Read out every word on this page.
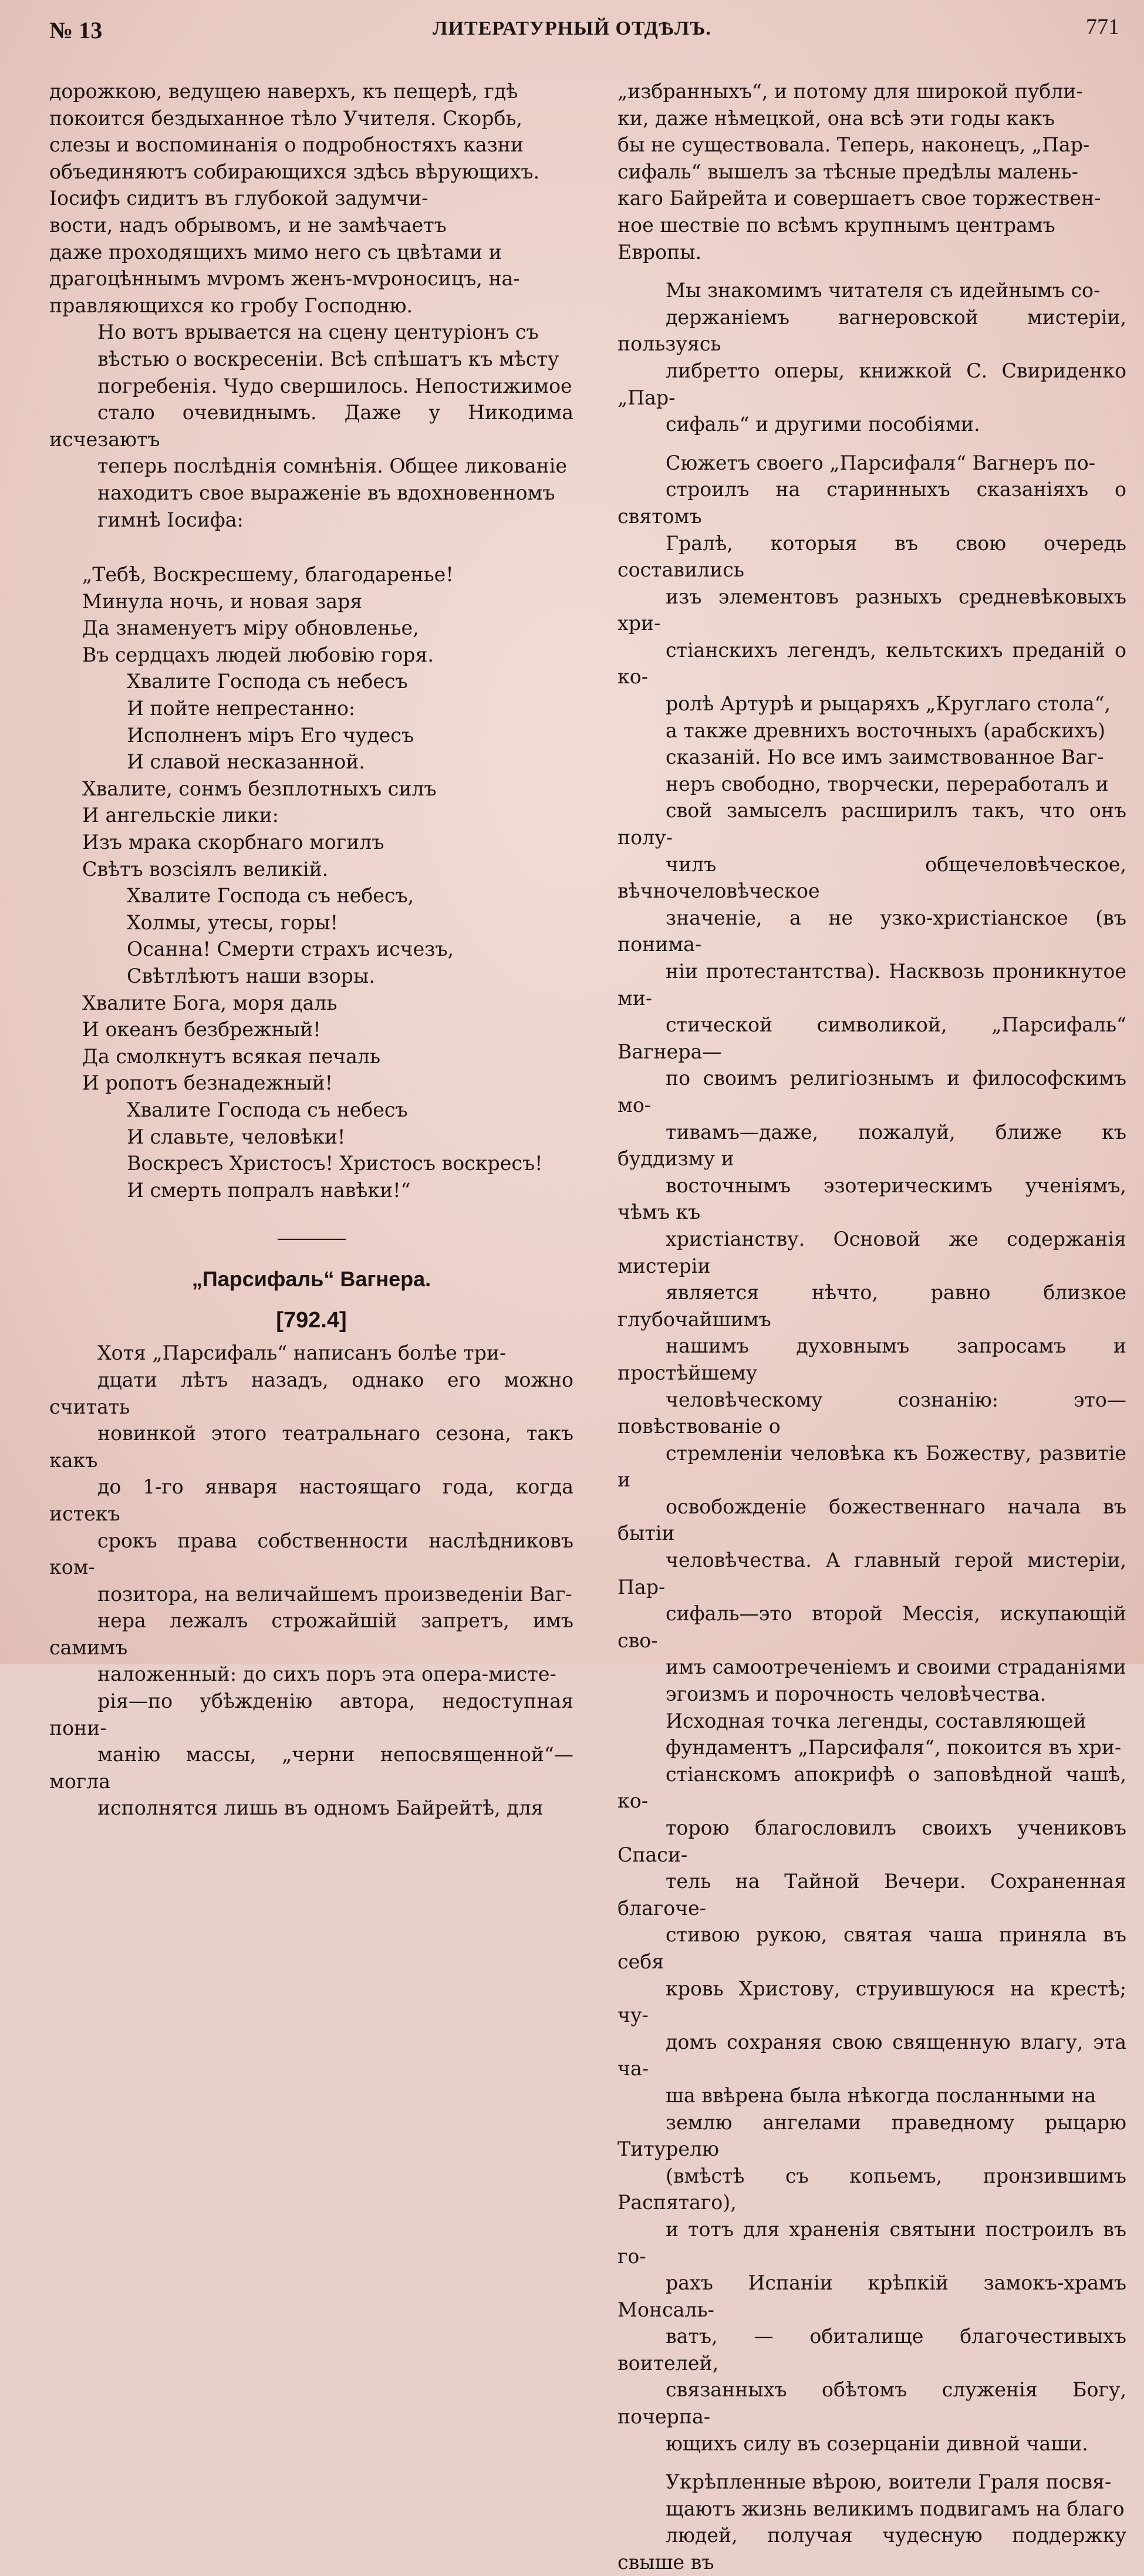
№ 13	ЛИТЕРАТУРНЫЙ ОТДѢЛЪ.	771

дорожкою, ведущею наверхъ, къ пещерѣ, гдѣ
покоится бездыханное тѣло Учителя. Скорбь,
слезы и воспоминанія о подробностяхъ казни
объединяютъ собирающихся здѣсь вѣрующихъ.
Іосифъ сидитъ въ глубокой задумчи-
вости, надъ обрывомъ, и не замѣчаетъ
даже проходящихъ мимо него съ цвѣтами и
драгоцѣннымъ мvромъ женъ-мvроносицъ, на-
правляющихся ко гробу Господню.

Но вотъ врывается на сцену центуріонъ съ
вѣстью о воскресеніи. Всѣ спѣшатъ къ мѣсту
погребенія. Чудо свершилось. Непостижимое
стало очевиднымъ. Даже у Никодима исчезаютъ
теперь послѣднія сомнѣнія. Общее ликованіе
находитъ свое выраженіе въ вдохновенномъ
гимнѣ Іосифа:

„Тебѣ, Воскресшему, благодаренье!
Минула ночь, и новая заря
Да знаменуетъ міру обновленье,
Въ сердцахъ людей любовію горя.
Хвалите Господа съ небесъ
И пойте непрестанно:
Исполненъ міръ Его чудесъ
И славой несказанной.
Хвалите, сонмъ безплотныхъ силъ
И ангельскіе лики:
Изъ мрака скорбнаго могилъ
Свѣтъ возсіялъ великій.
Хвалите Господа съ небесъ,
Холмы, утесы, горы!
Осанна! Смерти страхъ исчезъ,
Свѣтлѣютъ наши взоры.
Хвалите Бога, моря даль
И океанъ безбрежный!
Да смолкнутъ всякая печаль
И ропотъ безнадежный!
Хвалите Господа съ небесъ
И славьте, человѣки!
Воскресъ Христосъ! Христосъ воскресъ!
И смерть попралъ навѣки!“
„Парсифаль“ Вагнера.
[792.4]

Хотя „Парсифаль“ написанъ болѣе три-
дцати лѣтъ назадъ, однако его можно считать
новинкой этого театральнаго сезона, такъ какъ
до 1-го января настоящаго года, когда истекъ
срокъ права собственности наслѣдниковъ ком-
позитора, на величайшемъ произведеніи Ваг-
нера лежалъ строжайшій запретъ, имъ самимъ
наложенный: до сихъ поръ эта опера-мисте-
рія—по убѣжденію автора, недоступная пони-
манію массы, „черни непосвященной“—могла
исполнятся лишь въ одномъ Байрейтѣ, для

„избранныхъ“, и потому для широкой публи-
ки, даже нѣмецкой, она всѣ эти годы какъ
бы не существовала. Теперь, наконецъ, „Пар-
сифаль“ вышелъ за тѣсные предѣлы малень-
каго Байрейта и совершаетъ свое торжествен-
ное шествіе по всѣмъ крупнымъ центрамъ
Европы.

Мы знакомимъ читателя съ идейнымъ со-
держаніемъ вагнеровской мистеріи, пользуясь
либретто оперы, книжкой С. Свириденко „Пар-
сифаль“ и другими пособіями.

Сюжетъ своего „Парсифаля“ Вагнеръ по-
строилъ на старинныхъ сказаніяхъ о святомъ
Гралѣ, которыя въ свою очередь составились
изъ элементовъ разныхъ средневѣковыхъ хри-
стіанскихъ легендъ, кельтскихъ преданій о ко-
ролѣ Артурѣ и рыцаряхъ „Круглаго стола“,
а также древнихъ восточныхъ (арабскихъ)
сказаній. Но все имъ заимствованное Ваг-
неръ свободно, творчески, переработалъ и
свой замыселъ расширилъ такъ, что онъ полу-
чилъ общечеловѣческое, вѣчночеловѣческое
значеніе, а не узко-христіанское (въ понима-
ніи протестантства). Насквозь проникнутое ми-
стической символикой, „Парсифаль“ Вагнера—
по своимъ религіознымъ и философскимъ мо-
тивамъ—даже, пожалуй, ближе къ буддизму и
восточнымъ эзотерическимъ ученіямъ, чѣмъ къ
христіанству. Основой же содержанія мистеріи
является нѣчто, равно близкое глубочайшимъ
нашимъ духовнымъ запросамъ и простѣйшему
человѣческому сознанію: это—повѣствованіе о
стремленіи человѣка къ Божеству, развитіе и
освобожденіе божественнаго начала въ бытіи
человѣчества. А главный герой мистеріи, Пар-
сифаль—это второй Мессія, искупающій сво-
имъ самоотреченіемъ и своими страданіями
эгоизмъ и порочность человѣчества.

Исходная точка легенды, составляющей
фундаментъ „Парсифаля“, покоится въ хри-
стіанскомъ апокрифѣ о заповѣдной чашѣ, ко-
торою благословилъ своихъ учениковъ Спаси-
тель на Тайной Вечери. Сохраненная благоче-
стивою рукою, святая чаша приняла въ себя
кровь Христову, струившуюся на крестѣ; чу-
домъ сохраняя свою священную влагу, эта ча-
ша ввѣрена была нѣкогда посланными на
землю ангелами праведному рыцарю Титурелю
(вмѣстѣ съ копьемъ, пронзившимъ Распятаго),
и тотъ для храненія святыни построилъ въ го-
рахъ Испаніи крѣпкій замокъ-храмъ Монсаль-
ватъ, — обиталище благочестивыхъ воителей,
связанныхъ обѣтомъ служенія Богу, почерпа-
ющихъ силу въ созерцаніи дивной чаши.

Укрѣпленные вѣрою, воители Граля посвя-
щаютъ жизнь великимъ подвигамъ на благо
людей, получая чудесную поддержку свыше въ
